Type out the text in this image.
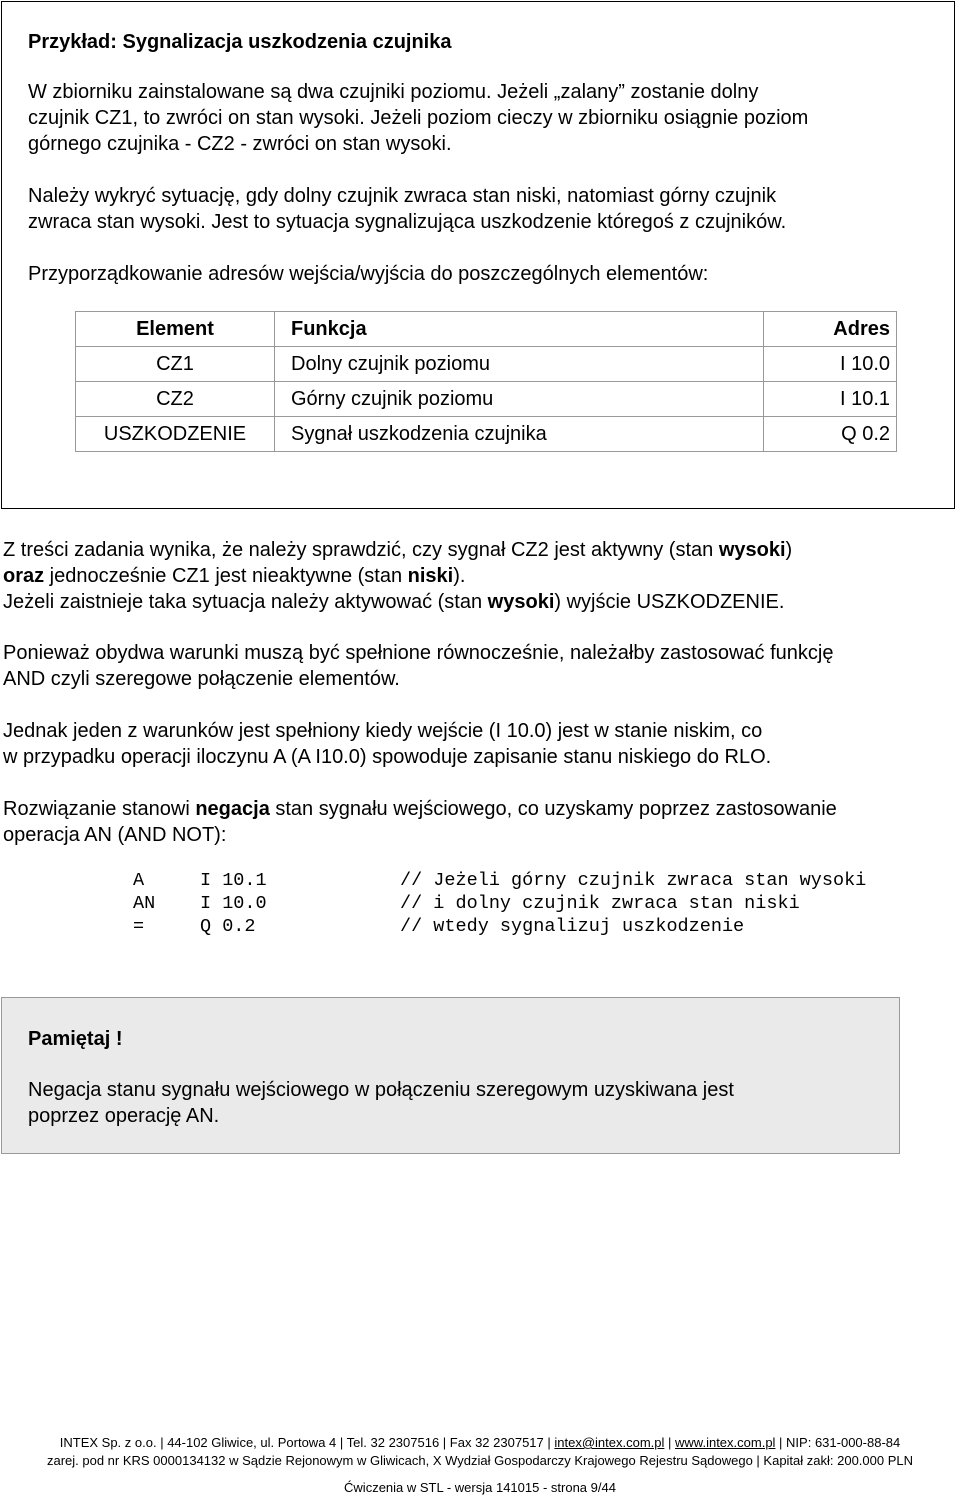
Przykład: Sygnalizacja uszkodzenia czujnika

W zbiorniku zainstalowane są dwa czujniki poziomu. Jeżeli „zalany” zostanie dolny

czujnik CZ1, to zwróci on stan wysoki. Jeżeli poziom cieczy w zbiorniku osiągnie poziom

górnego czujnika - CZ2 - zwróci on stan wysoki.

Należy wykryć sytuację, gdy dolny czujnik zwraca stan niski, natomiast górny czujnik

zwraca stan wysoki. Jest to sytuacja sygnalizująca uszkodzenie któregoś z czujników.

Przyporządkowanie adresów wejścia/wyjścia do poszczególnych elementów:

Element	Funkcja	Adres
CZ1	Dolny czujnik poziomu	I 10.0
CZ2	Górny czujnik poziomu	I 10.1
USZKODZENIE	Sygnał uszkodzenia czujnika	Q 0.2

Z treści zadania wynika, że należy sprawdzić, czy sygnał CZ2 jest aktywny (stan wysoki)

oraz jednocześnie CZ1 jest nieaktywne (stan niski).

Jeżeli zaistnieje taka sytuacja należy aktywować (stan wysoki) wyjście USZKODZENIE.

Ponieważ obydwa warunki muszą być spełnione równocześnie, należałby zastosować funkcję

AND czyli szeregowe połączenie elementów.

Jednak jeden z warunków jest spełniony kiedy wejście (I 10.0) jest w stanie niskim, co

w przypadku operacji iloczynu A (A I10.0) spowoduje zapisanie stanu niskiego do RLO.

Rozwiązanie stanowi negacja stan sygnału wejściowego, co uzyskamy poprzez zastosowanie

operacja AN (AND NOT):

A	I 10.1	// Jeżeli górny czujnik zwraca stan wysoki
AN I 10.0	// i dolny czujnik zwraca stan niski
=	Q 0.2	// wtedy sygnalizuj uszkodzenie

Pamiętaj !

Negacja stanu sygnału wejściowego w połączeniu szeregowym uzyskiwana jest

poprzez operację AN.

INTEX Sp. z o.o. | 44-102 Gliwice, ul. Portowa 4 | Tel. 32 2307516 | Fax 32 2307517 | intex@intex.com.pl | www.intex.com.pl | NIP: 631-000-88-84
zarej. pod nr KRS 0000134132 w Sądzie Rejonowym w Gliwicach, X Wydział Gospodarczy Krajowego Rejestru Sądowego | Kapitał zakł: 200.000 PLN
Ćwiczenia w STL - wersja 141015 - strona 9/44
